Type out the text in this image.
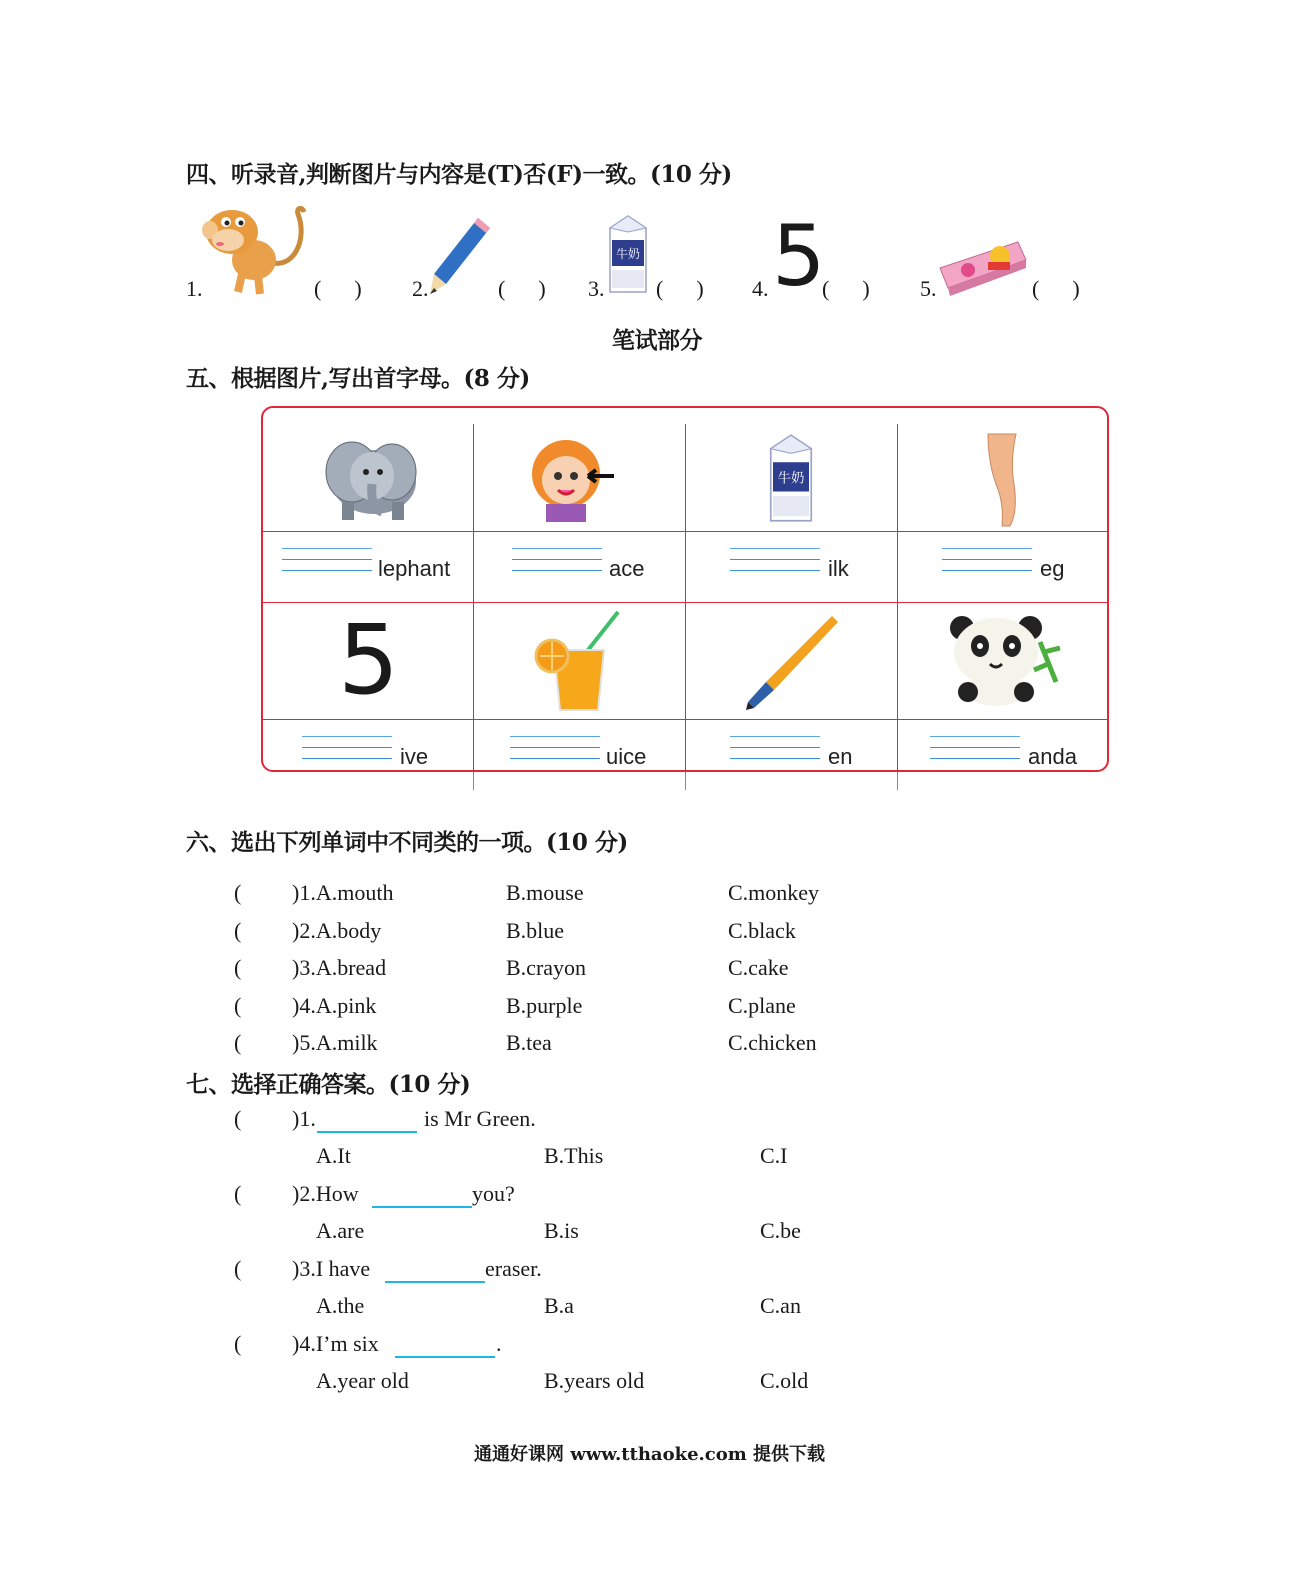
四、听录音,判断图片与内容是(T)否(F)一致。(10 分)
1.	(      ) 2.	(      ) 3.
牛奶
(      ) 4. 5
(      ) 5.	(      )
笔试部分
五、根据图片,写出首字母。(8 分)
牛奶
lephant	ace	ilk	eg
5
ive	uice	en	anda
六、选出下列单词中不同类的一项。(10 分)
( )1.A.mouth	B.mouse	C.monkey
( )2.A.body	B.blue	C.black
( )3.A.bread	B.crayon	C.cake
( )4.A.pink	B.purple	C.plane
( )5.A.milk	B.tea	C.chicken
七、选择正确答案。(10 分)
( )1.	is Mr Green.
A.It	B.This	C.I
( )2.How	you?
A.are	B.is	C.be
( )3.I have	eraser.
A.the	B.a	C.an
( )4.I’m six	.
A.year old	B.years old	C.old
通通好课网 www.tthaoke.com 提供下载
